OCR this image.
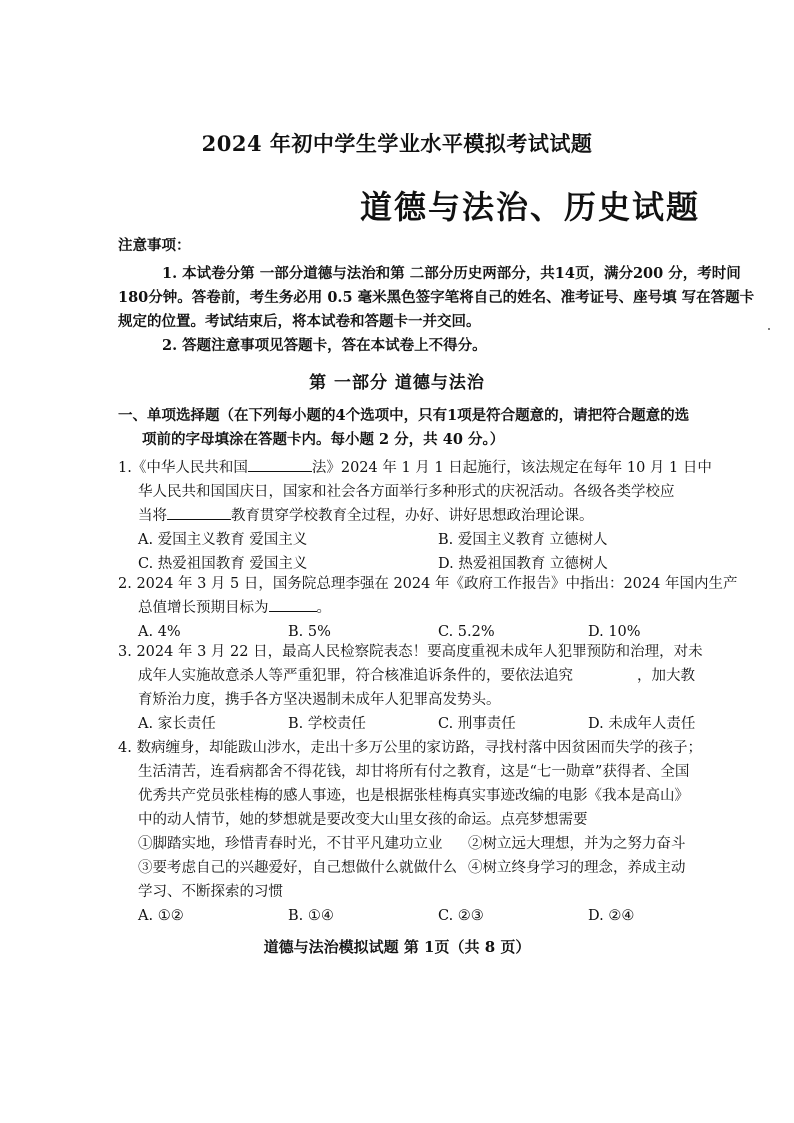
2024 年初中学生学业水平模拟考试试题
道德与法治、历史试题
注意事项：
1. 本试卷分第 一部分道德与法治和第 二部分历史两部分，共14页，满分200 分，考时间180分钟。答卷前，考生务必用 0.5 毫米黑色签字笔将自己的姓名、准考证号、座号填 写在答题卡规定的位置。考试结束后，将本试卷和答题卡一并交回。
2. 答题注意事项见答题卡，答在本试卷上不得分。
第 一部分 道德与法治
一、单项选择题（在下列每小题的4个选项中，只有1项是符合题意的，请把符合题意的选
项前的字母填涂在答题卡内。每小题 2 分，共 40 分。）
1.《中华人民共和国	法》2024 年 1 月 1 日起施行，该法规定在每年 10 月 1 日中
华人民共和国国庆日，国家和社会各方面举行多种形式的庆祝活动。各级各类学校应
当将	教育贯穿学校教育全过程，办好、讲好思想政治理论课。
A. 爱国主义教育 爱国主义	B. 爱国主义教育 立德树人
C. 热爱祖国教育 爱国主义	D. 热爱祖国教育 立德树人
2. 2024 年 3 月 5 日，国务院总理李强在 2024 年《政府工作报告》中指出：2024 年国内生产
总值增长预期目标为	。
A. 4%	B. 5%	C. 5.2%	D. 10%
3. 2024 年 3 月 22 日，最高人民检察院表态！要高度重视未成年人犯罪预防和治理，对未
成年人实施故意杀人等严重犯罪，符合核准追诉条件的，要依法追究	，加大教
育矫治力度，携手各方坚决遏制未成年人犯罪高发势头。
A. 家长责任	B. 学校责任	C. 刑事责任	D. 未成年人责任
4. 数病缠身，却能跋山涉水，走出十多万公里的家访路，寻找村落中因贫困而失学的孩子；
生活清苦，连看病都舍不得花钱，却甘将所有付之教育，这是“七一勋章”获得者、全国
优秀共产党员张桂梅的感人事迹，也是根据张桂梅真实事迹改编的电影《我本是高山》
中的动人情节，她的梦想就是要改变大山里女孩的命运。点亮梦想需要
①脚踏实地，珍惜青春时光，不甘平凡建功立业	②树立远大理想，并为之努力奋斗
③要考虑自己的兴趣爱好，自己想做什么就做什么 ④树立终身学习的理念，养成主动
学习、不断探索的习惯
A. ①②	B. ①④	C. ②③	D. ②④
道德与法治模拟试题 第 1页（共 8 页）
